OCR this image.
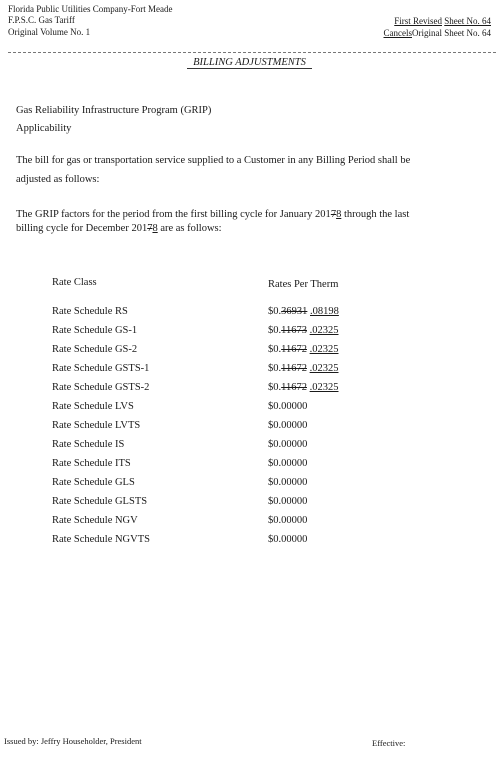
Florida Public Utilities Company-Fort Meade
F.P.S.C. Gas Tariff
Original Volume No. 1
First Revised Sheet No. 64
CancelsOriginal Sheet No. 64
BILLING ADJUSTMENTS
Gas Reliability Infrastructure Program (GRIP)
Applicability
The bill for gas or transportation service supplied to a Customer in any Billing Period shall be
adjusted as follows:
The GRIP factors for the period from the first billing cycle for January 20178 through the last
billing cycle for December 20178 are as follows:
Rate Class	Rates Per Therm
Rate Schedule RS	$0.36931 .08198
Rate Schedule GS-1	$0.11673 .02325
Rate Schedule GS-2	$0.11672 .02325
Rate Schedule GSTS-1	$0.11672 .02325
Rate Schedule GSTS-2	$0.11672 .02325
Rate Schedule LVS	$0.00000
Rate Schedule LVTS	$0.00000
Rate Schedule IS	$0.00000
Rate Schedule ITS	$0.00000
Rate Schedule GLS	$0.00000
Rate Schedule GLSTS	$0.00000
Rate Schedule NGV	$0.00000
Rate Schedule NGVTS	$0.00000
Issued by: Jeffry Householder, President	Effective:
